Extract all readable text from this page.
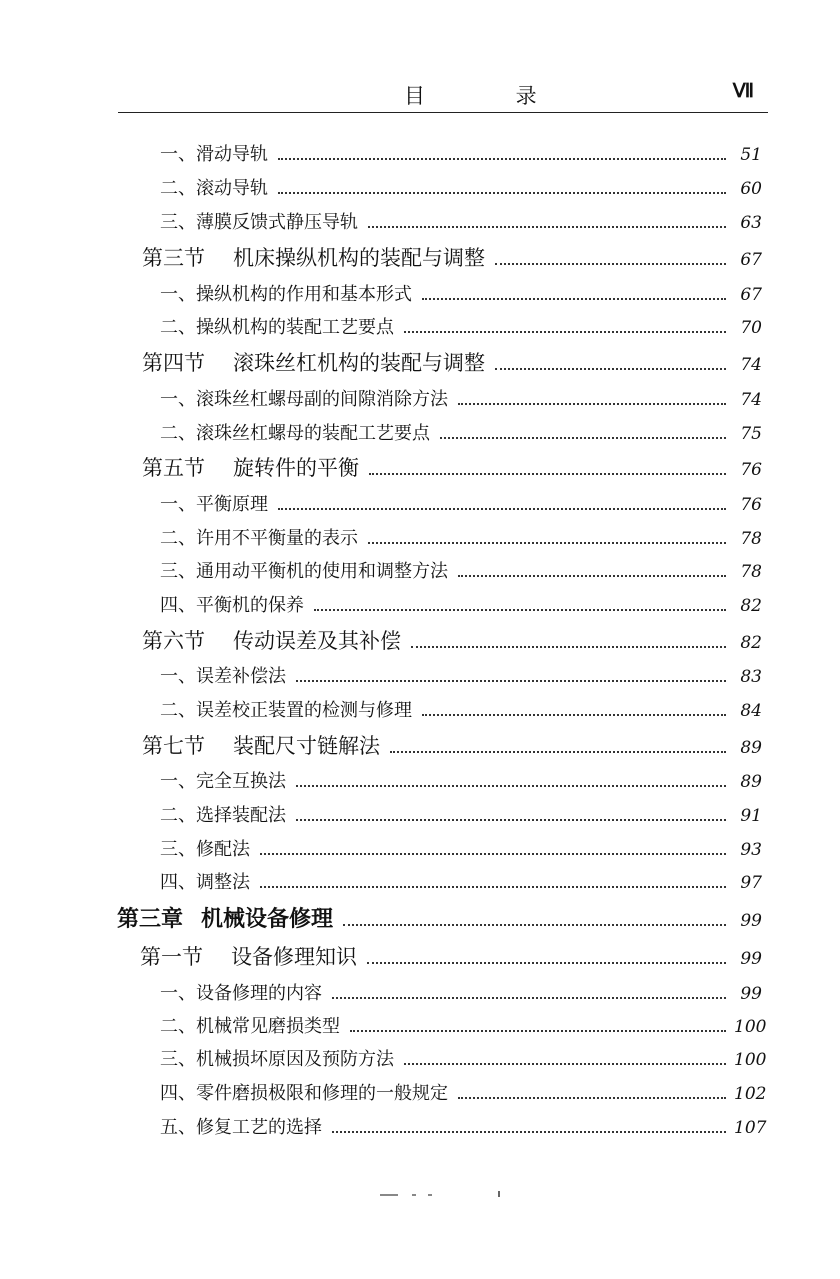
目 录	Ⅶ
一、滑动导轨	51
二、滚动导轨	60
三、薄膜反馈式静压导轨	63
第三节 机床操纵机构的装配与调整	67
一、操纵机构的作用和基本形式	67
二、操纵机构的装配工艺要点	70
第四节 滚珠丝杠机构的装配与调整	74
一、滚珠丝杠螺母副的间隙消除方法	74
二、滚珠丝杠螺母的装配工艺要点	75
第五节 旋转件的平衡	76
一、平衡原理	76
二、许用不平衡量的表示	78
三、通用动平衡机的使用和调整方法	78
四、平衡机的保养	82
第六节 传动误差及其补偿	82
一、误差补偿法	83
二、误差校正装置的检测与修理	84
第七节 装配尺寸链解法	89
一、完全互换法	89
二、选择装配法	91
三、修配法	93
四、调整法	97
第三章 机械设备修理	99
第一节 设备修理知识	99
一、设备修理的内容	99
二、机械常见磨损类型	100
三、机械损坏原因及预防方法	100
四、零件磨损极限和修理的一般规定	102
五、修复工艺的选择	107
